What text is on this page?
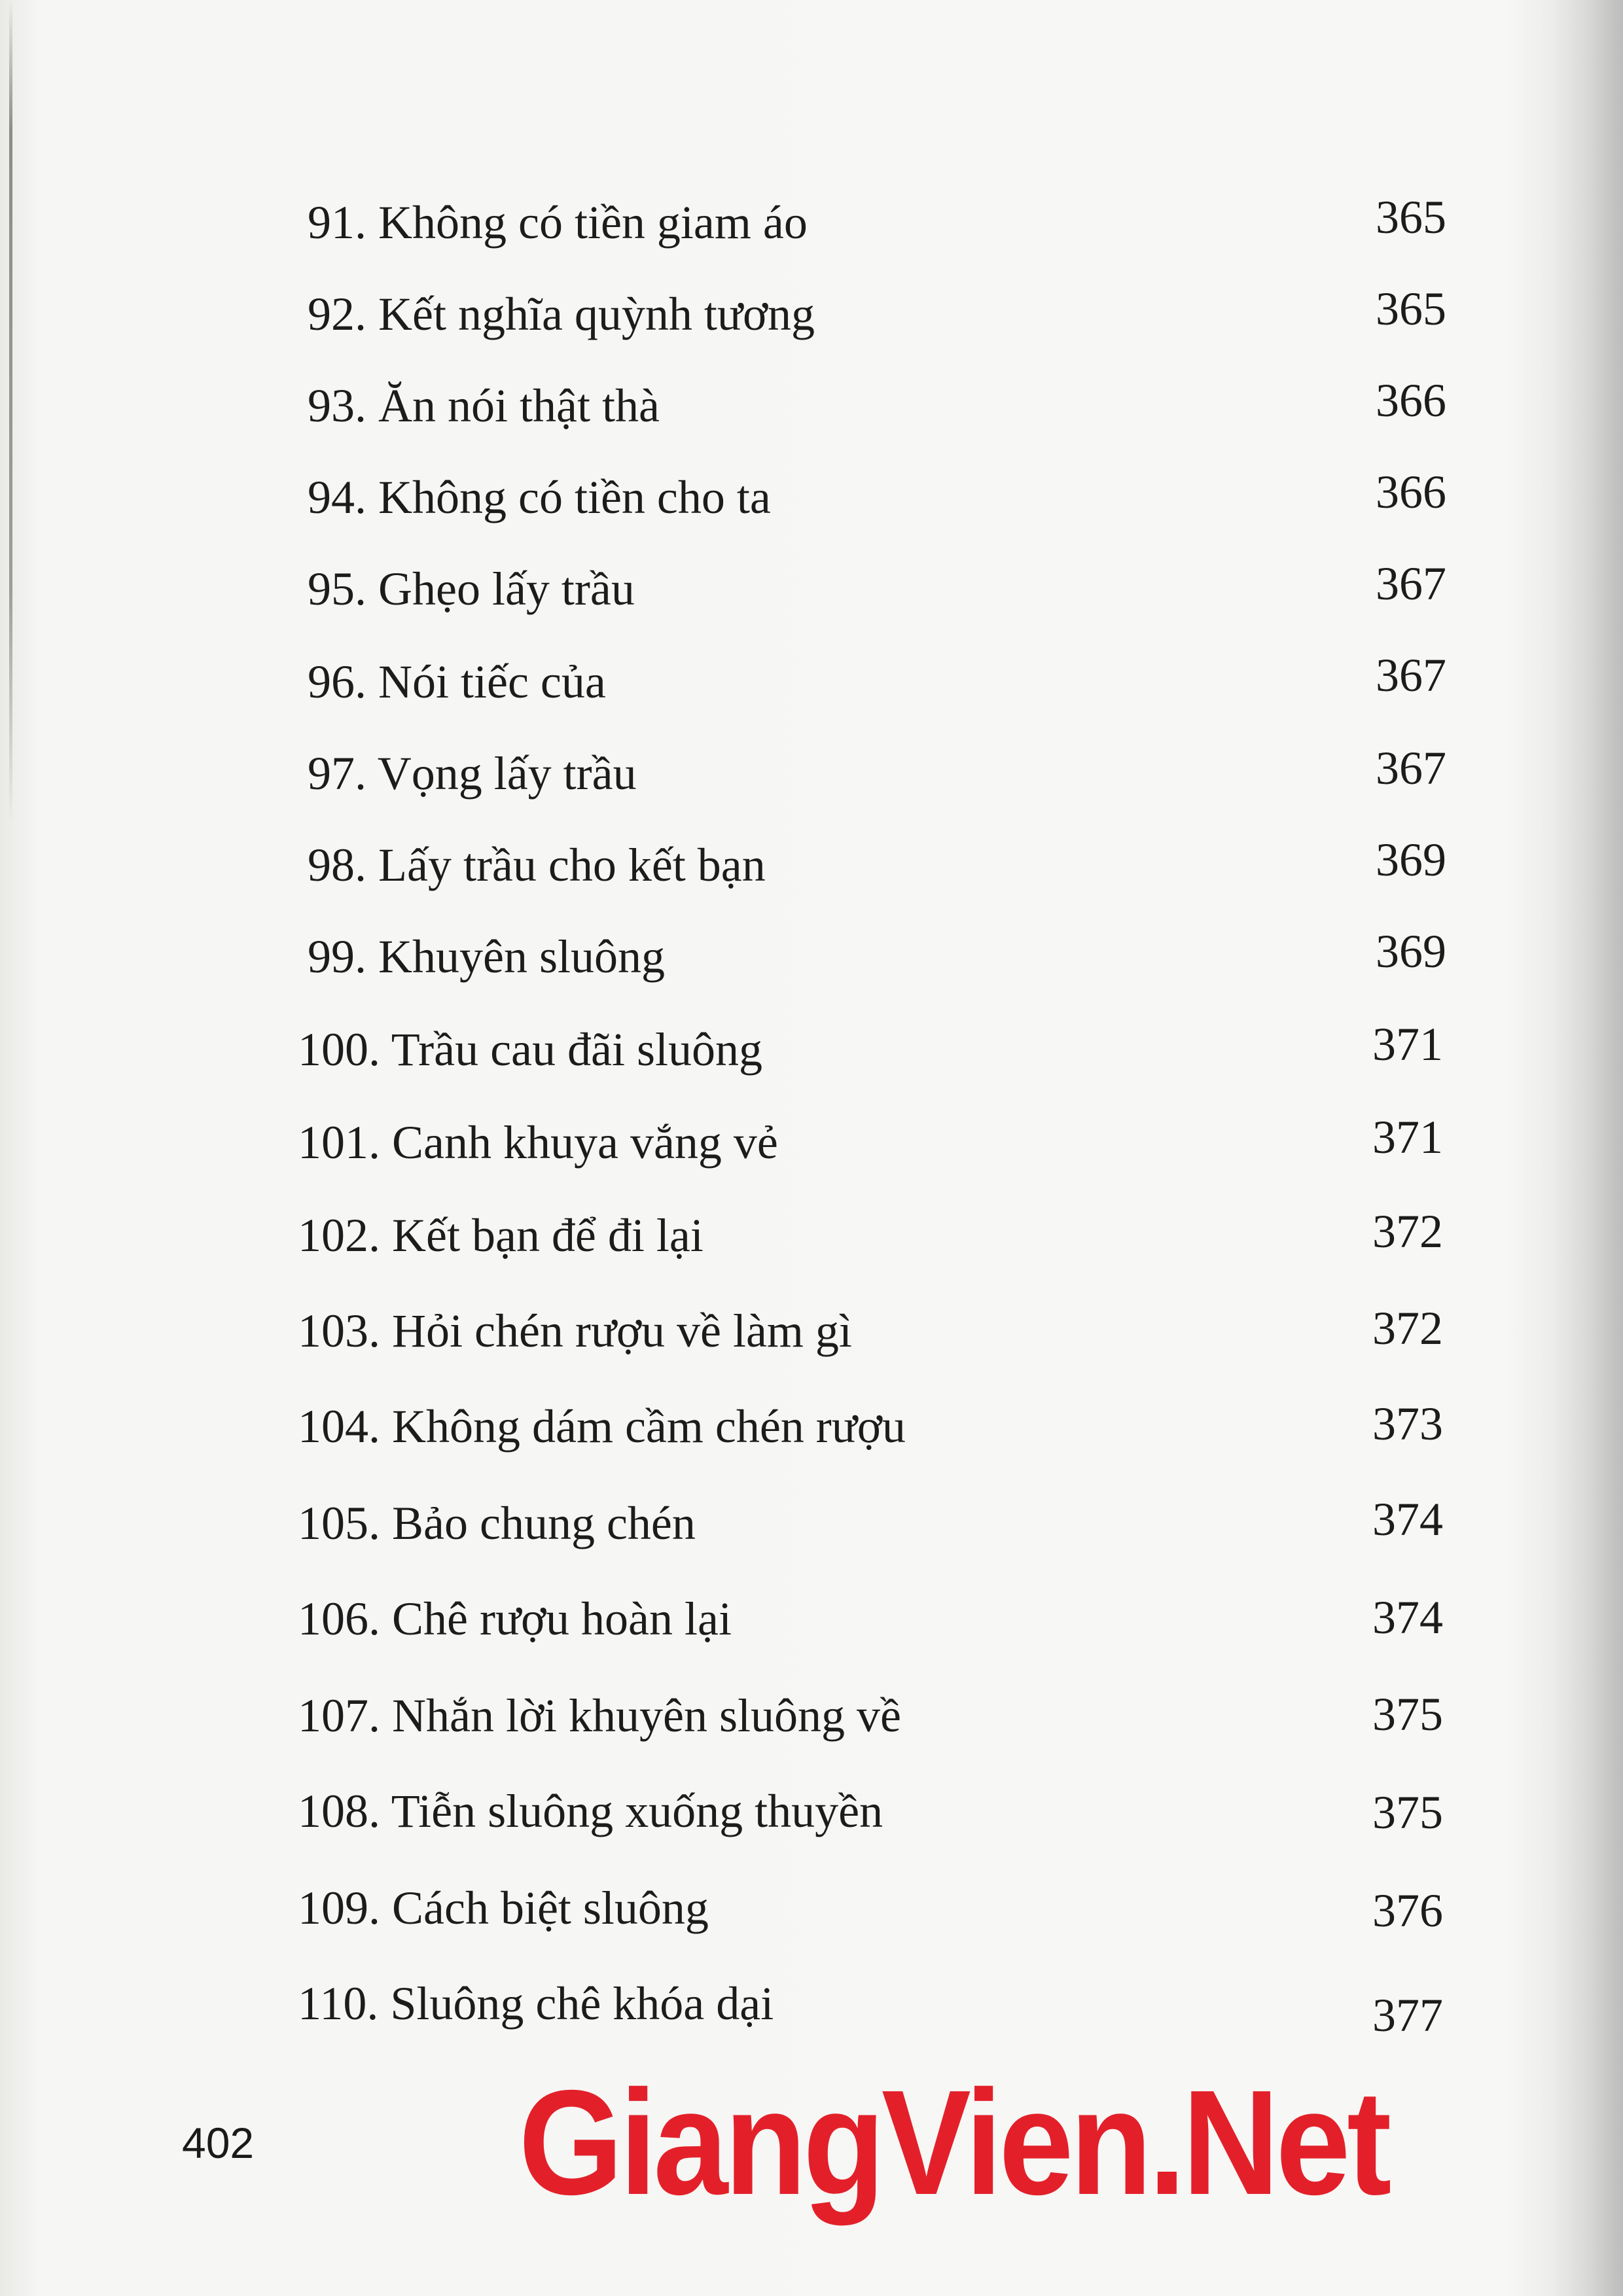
91. Không có tiền giam áo	365
92. Kết nghĩa quỳnh tương	365
93. Ăn nói thật thà	366
94. Không có tiền cho ta	366
95. Ghẹo lấy trầu	367
96. Nói tiếc của	367
97. Vọng lấy trầu	367
98. Lấy trầu cho kết bạn	369
99. Khuyên sluông	369
100. Trầu cau đãi sluông	371
101. Canh khuya vắng vẻ	371
102. Kết bạn để đi lại	372
103. Hỏi chén rượu về làm gì	372
104. Không dám cầm chén rượu	373
105. Bảo chung chén	374
106. Chê rượu hoàn lại	374
107. Nhắn lời khuyên sluông về	375
108. Tiễn sluông xuống thuyền	375
109. Cách biệt sluông	376
110. Sluông chê khóa dại	377
402 GiangVien.Net
